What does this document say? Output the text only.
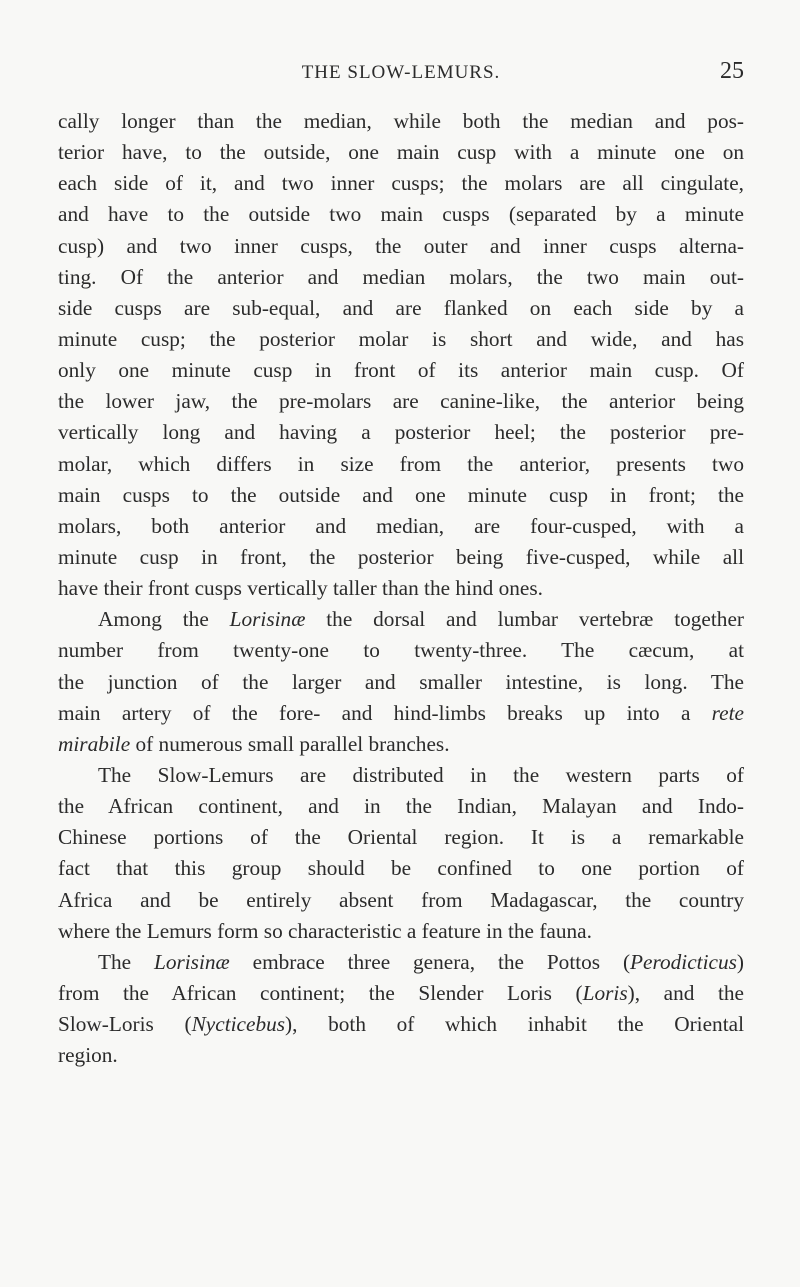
THE SLOW-LEMURS.	25
cally longer than the median, while both the median and pos-
terior have, to the outside, one main cusp with a minute one on
each side of it, and two inner cusps; the molars are all cingulate,
and have to the outside two main cusps (separated by a minute
cusp) and two inner cusps, the outer and inner cusps alterna-
ting. Of the anterior and median molars, the two main out-
side cusps are sub-equal, and are flanked on each side by a
minute cusp; the posterior molar is short and wide, and has
only one minute cusp in front of its anterior main cusp. Of
the lower jaw, the pre-molars are canine-like, the anterior being
vertically long and having a posterior heel; the posterior pre-
molar, which differs in size from the anterior, presents two
main cusps to the outside and one minute cusp in front; the
molars, both anterior and median, are four-cusped, with a
minute cusp in front, the posterior being five-cusped, while all
have their front cusps vertically taller than the hind ones.
Among the Lorisinæ the dorsal and lumbar vertebræ together
number from twenty-one to twenty-three. The cæcum, at
the junction of the larger and smaller intestine, is long. The
main artery of the fore- and hind-limbs breaks up into a rete
mirabile of numerous small parallel branches.
The Slow-Lemurs are distributed in the western parts of
the African continent, and in the Indian, Malayan and Indo-
Chinese portions of the Oriental region. It is a remarkable
fact that this group should be confined to one portion of
Africa and be entirely absent from Madagascar, the country
where the Lemurs form so characteristic a feature in the fauna.
The Lorisinæ embrace three genera, the Pottos (Perodicticus)
from the African continent; the Slender Loris (Loris), and the
Slow-Loris (Nycticebus), both of which inhabit the Oriental
region.
